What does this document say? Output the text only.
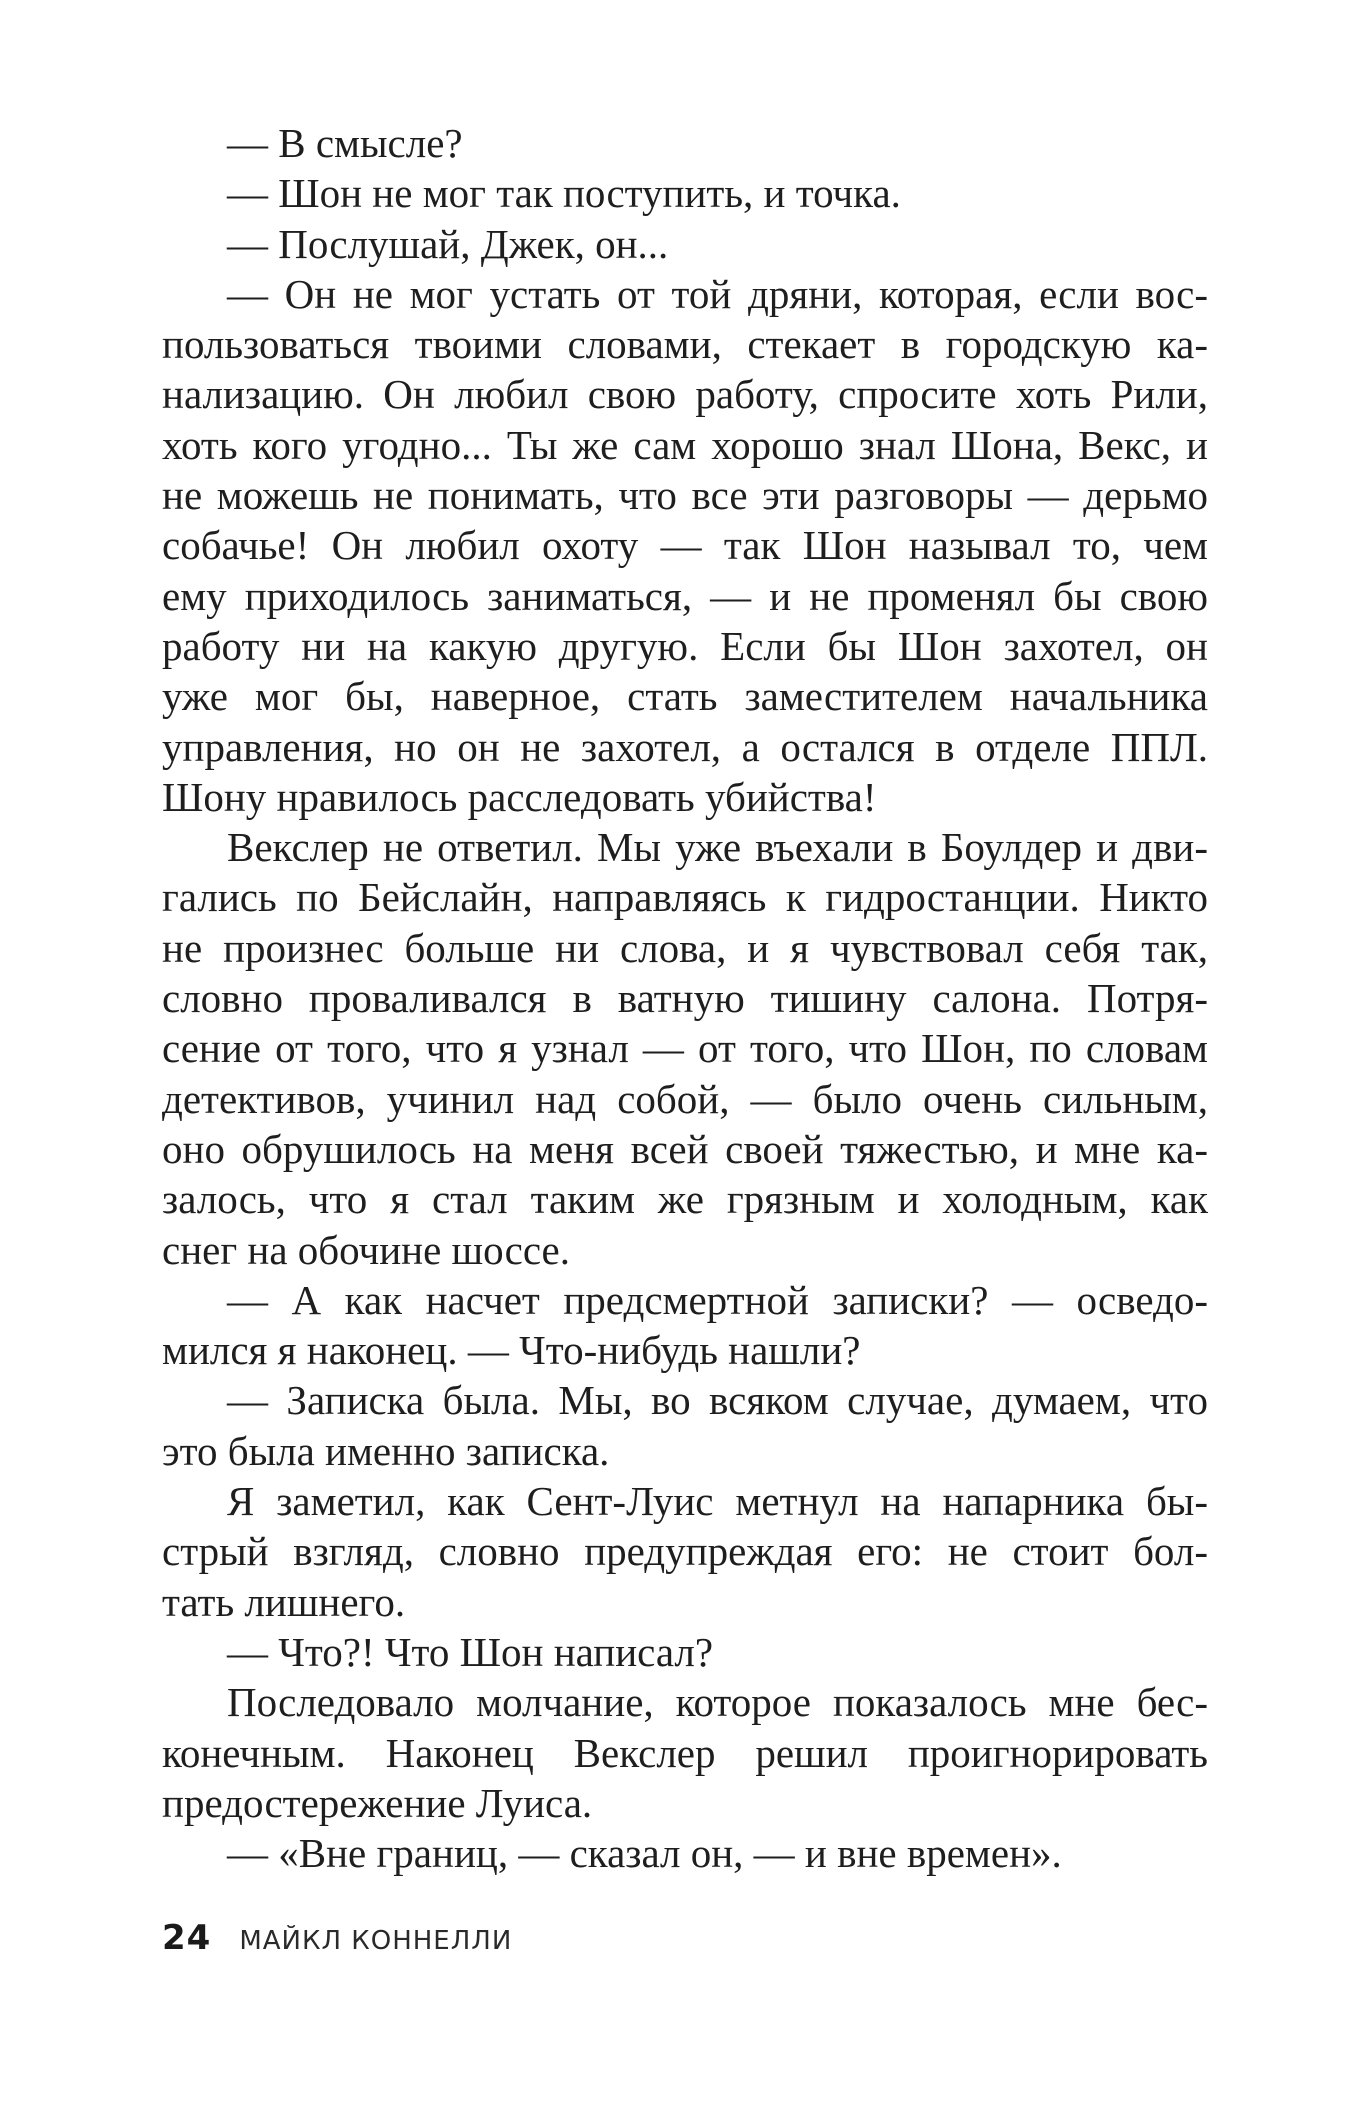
— В смысле?
— Шон не мог так поступить, и точка.
— Послушай, Джек, он...
— Он не мог устать от той дряни, которая, если вос-
пользоваться твоими словами, стекает в городскую ка-
нализацию. Он любил свою работу, спросите хоть Рили,
хоть кого угодно... Ты же сам хорошо знал Шона, Векс, и
не можешь не понимать, что все эти разговоры — дерьмо
собачье! Он любил охоту — так Шон называл то, чем
ему приходилось заниматься, — и не променял бы свою
работу ни на какую другую. Если бы Шон захотел, он
уже мог бы, наверное, стать заместителем начальника
управления, но он не захотел, а остался в отделе ППЛ.
Шону нравилось расследовать убийства!
Векслер не ответил. Мы уже въехали в Боулдер и дви-
гались по Бейслайн, направляясь к гидростанции. Никто
не произнес больше ни слова, и я чувствовал себя так,
словно проваливался в ватную тишину салона. Потря-
сение от того, что я узнал — от того, что Шон, по словам
детективов, учинил над собой, — было очень сильным,
оно обрушилось на меня всей своей тяжестью, и мне ка-
залось, что я стал таким же грязным и холодным, как
снег на обочине шоссе.
— А как насчет предсмертной записки? — осведо-
мился я наконец. — Что-нибудь нашли?
— Записка была. Мы, во всяком случае, думаем, что
это была именно записка.
Я заметил, как Сент-Луис метнул на напарника бы-
стрый взгляд, словно предупреждая его: не стоит бол-
тать лишнего.
— Что?! Что Шон написал?
Последовало молчание, которое показалось мне бес-
конечным. Наконец Векслер решил проигнорировать
предостережение Луиса.
— «Вне границ, — сказал он, — и вне времен».
24 МАЙКЛ КОННЕЛЛИ
